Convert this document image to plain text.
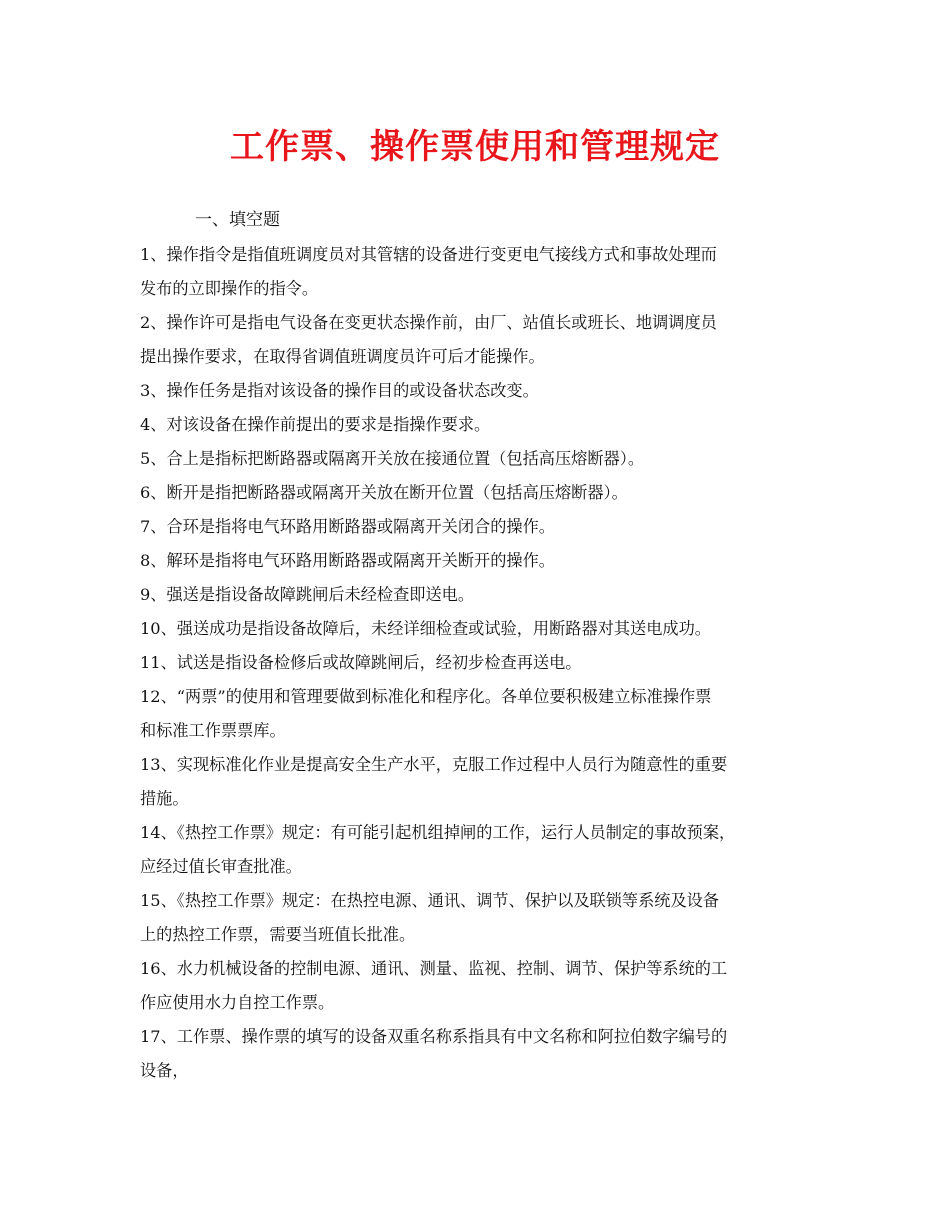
工作票、操作票使用和管理规定

一、填空题

1、操作指令是指值班调度员对其管辖的设备进行变更电气接线方式和事故处理而
发布的立即操作的指令。
2、操作许可是指电气设备在变更状态操作前，由厂、站值长或班长、地调调度员
提出操作要求，在取得省调值班调度员许可后才能操作。
3、操作任务是指对该设备的操作目的或设备状态改变。
4、对该设备在操作前提出的要求是指操作要求。
5、合上是指标把断路器或隔离开关放在接通位置（包括高压熔断器）。
6、断开是指把断路器或隔离开关放在断开位置（包括高压熔断器）。
7、合环是指将电气环路用断路器或隔离开关闭合的操作。
8、解环是指将电气环路用断路器或隔离开关断开的操作。
9、强送是指设备故障跳闸后未经检查即送电。
10、强送成功是指设备故障后，未经详细检查或试验，用断路器对其送电成功。
11、试送是指设备检修后或故障跳闸后，经初步检查再送电。
12、“两票”的使用和管理要做到标准化和程序化。各单位要积极建立标准操作票
和标准工作票票库。
13、实现标准化作业是提高安全生产水平，克服工作过程中人员行为随意性的重要
措施。
14、《热控工作票》规定：有可能引起机组掉闸的工作，运行人员制定的事故预案，
应经过值长审查批准。
15、《热控工作票》规定：在热控电源、通讯、调节、保护以及联锁等系统及设备
上的热控工作票，需要当班值长批准。
16、水力机械设备的控制电源、通讯、测量、监视、控制、调节、保护等系统的工
作应使用水力自控工作票。
17、工作票、操作票的填写的设备双重名称系指具有中文名称和阿拉伯数字编号的
设备，
